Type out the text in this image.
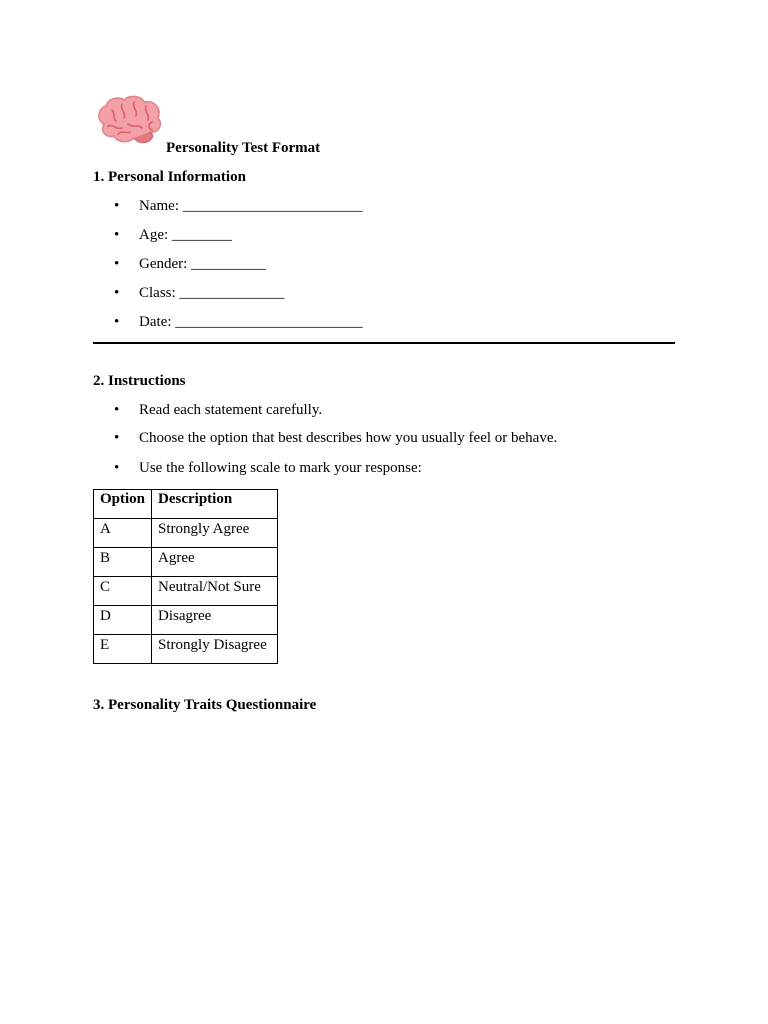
Personality Test Format
1. Personal Information
• Name: ________________________
• Age: ________
• Gender: __________
• Class: ______________
• Date: _________________________
2. Instructions
• Read each statement carefully.
• Choose the option that best describes how you usually feel or behave.
• Use the following scale to mark your response:
Option	Description
A	Strongly Agree
B	Agree
C	Neutral/Not Sure
D	Disagree
E	Strongly Disagree
3. Personality Traits Questionnaire
